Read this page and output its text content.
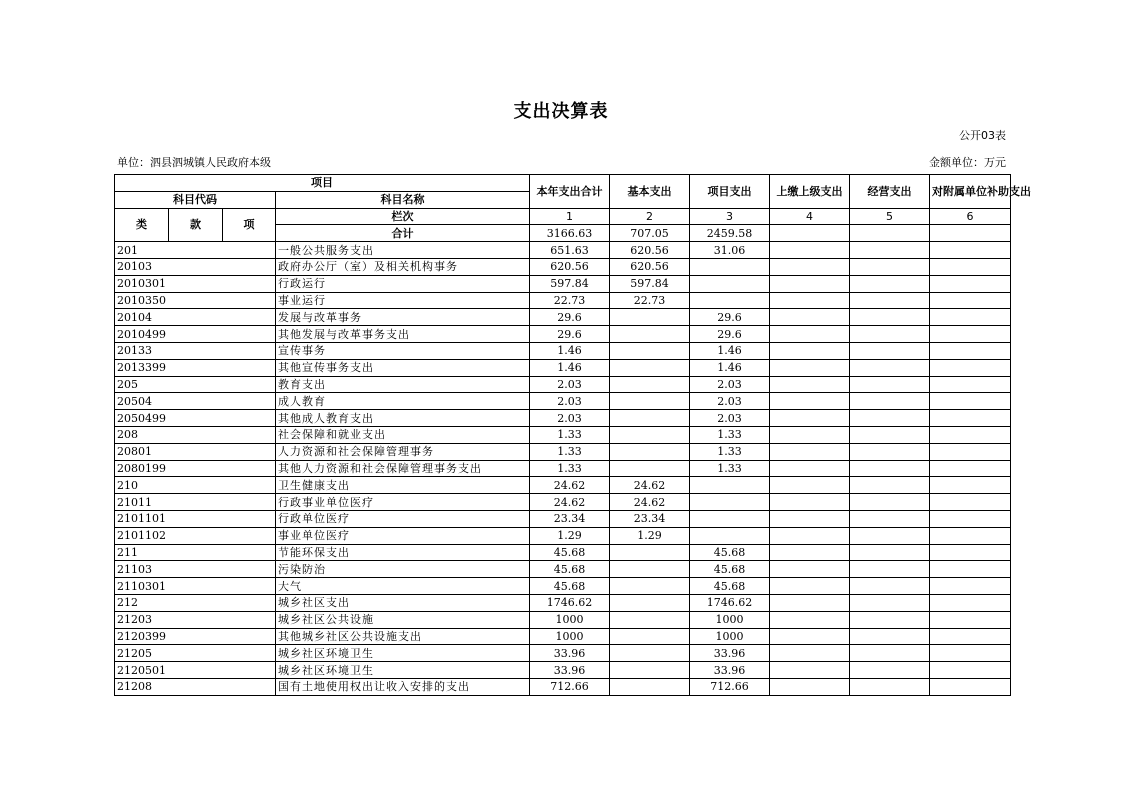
支出决算表
公开03表
单位：泗县泗城镇人民政府本级	金额单位：万元
项目				本年支出合计	基本支出	项目支出	上缴上级支出	经营支出	对附属单位补助支出
科目代码			科目名称						
类	款	项	栏次	1	2	3	4	5	6
			合计	3166.63	707.05	2459.58			
201			一般公共服务支出	651.63	620.56	31.06			
20103			政府办公厅（室）及相关机构事务	620.56	620.56				
2010301			行政运行	597.84	597.84				
2010350			事业运行	22.73	22.73				
20104			发展与改革事务	29.6		29.6			
2010499			其他发展与改革事务支出	29.6		29.6			
20133			宣传事务	1.46		1.46			
2013399			其他宣传事务支出	1.46		1.46			
205			教育支出	2.03		2.03			
20504			成人教育	2.03		2.03			
2050499			其他成人教育支出	2.03		2.03			
208			社会保障和就业支出	1.33		1.33			
20801			人力资源和社会保障管理事务	1.33		1.33			
2080199			其他人力资源和社会保障管理事务支出	1.33		1.33			
210			卫生健康支出	24.62	24.62				
21011			行政事业单位医疗	24.62	24.62				
2101101			行政单位医疗	23.34	23.34				
2101102			事业单位医疗	1.29	1.29				
211			节能环保支出	45.68		45.68			
21103			污染防治	45.68		45.68			
2110301			大气	45.68		45.68			
212			城乡社区支出	1746.62		1746.62			
21203			城乡社区公共设施	1000		1000			
2120399			其他城乡社区公共设施支出	1000		1000			
21205			城乡社区环境卫生	33.96		33.96			
2120501			城乡社区环境卫生	33.96		33.96			
21208			国有土地使用权出让收入安排的支出	712.66		712.66			
